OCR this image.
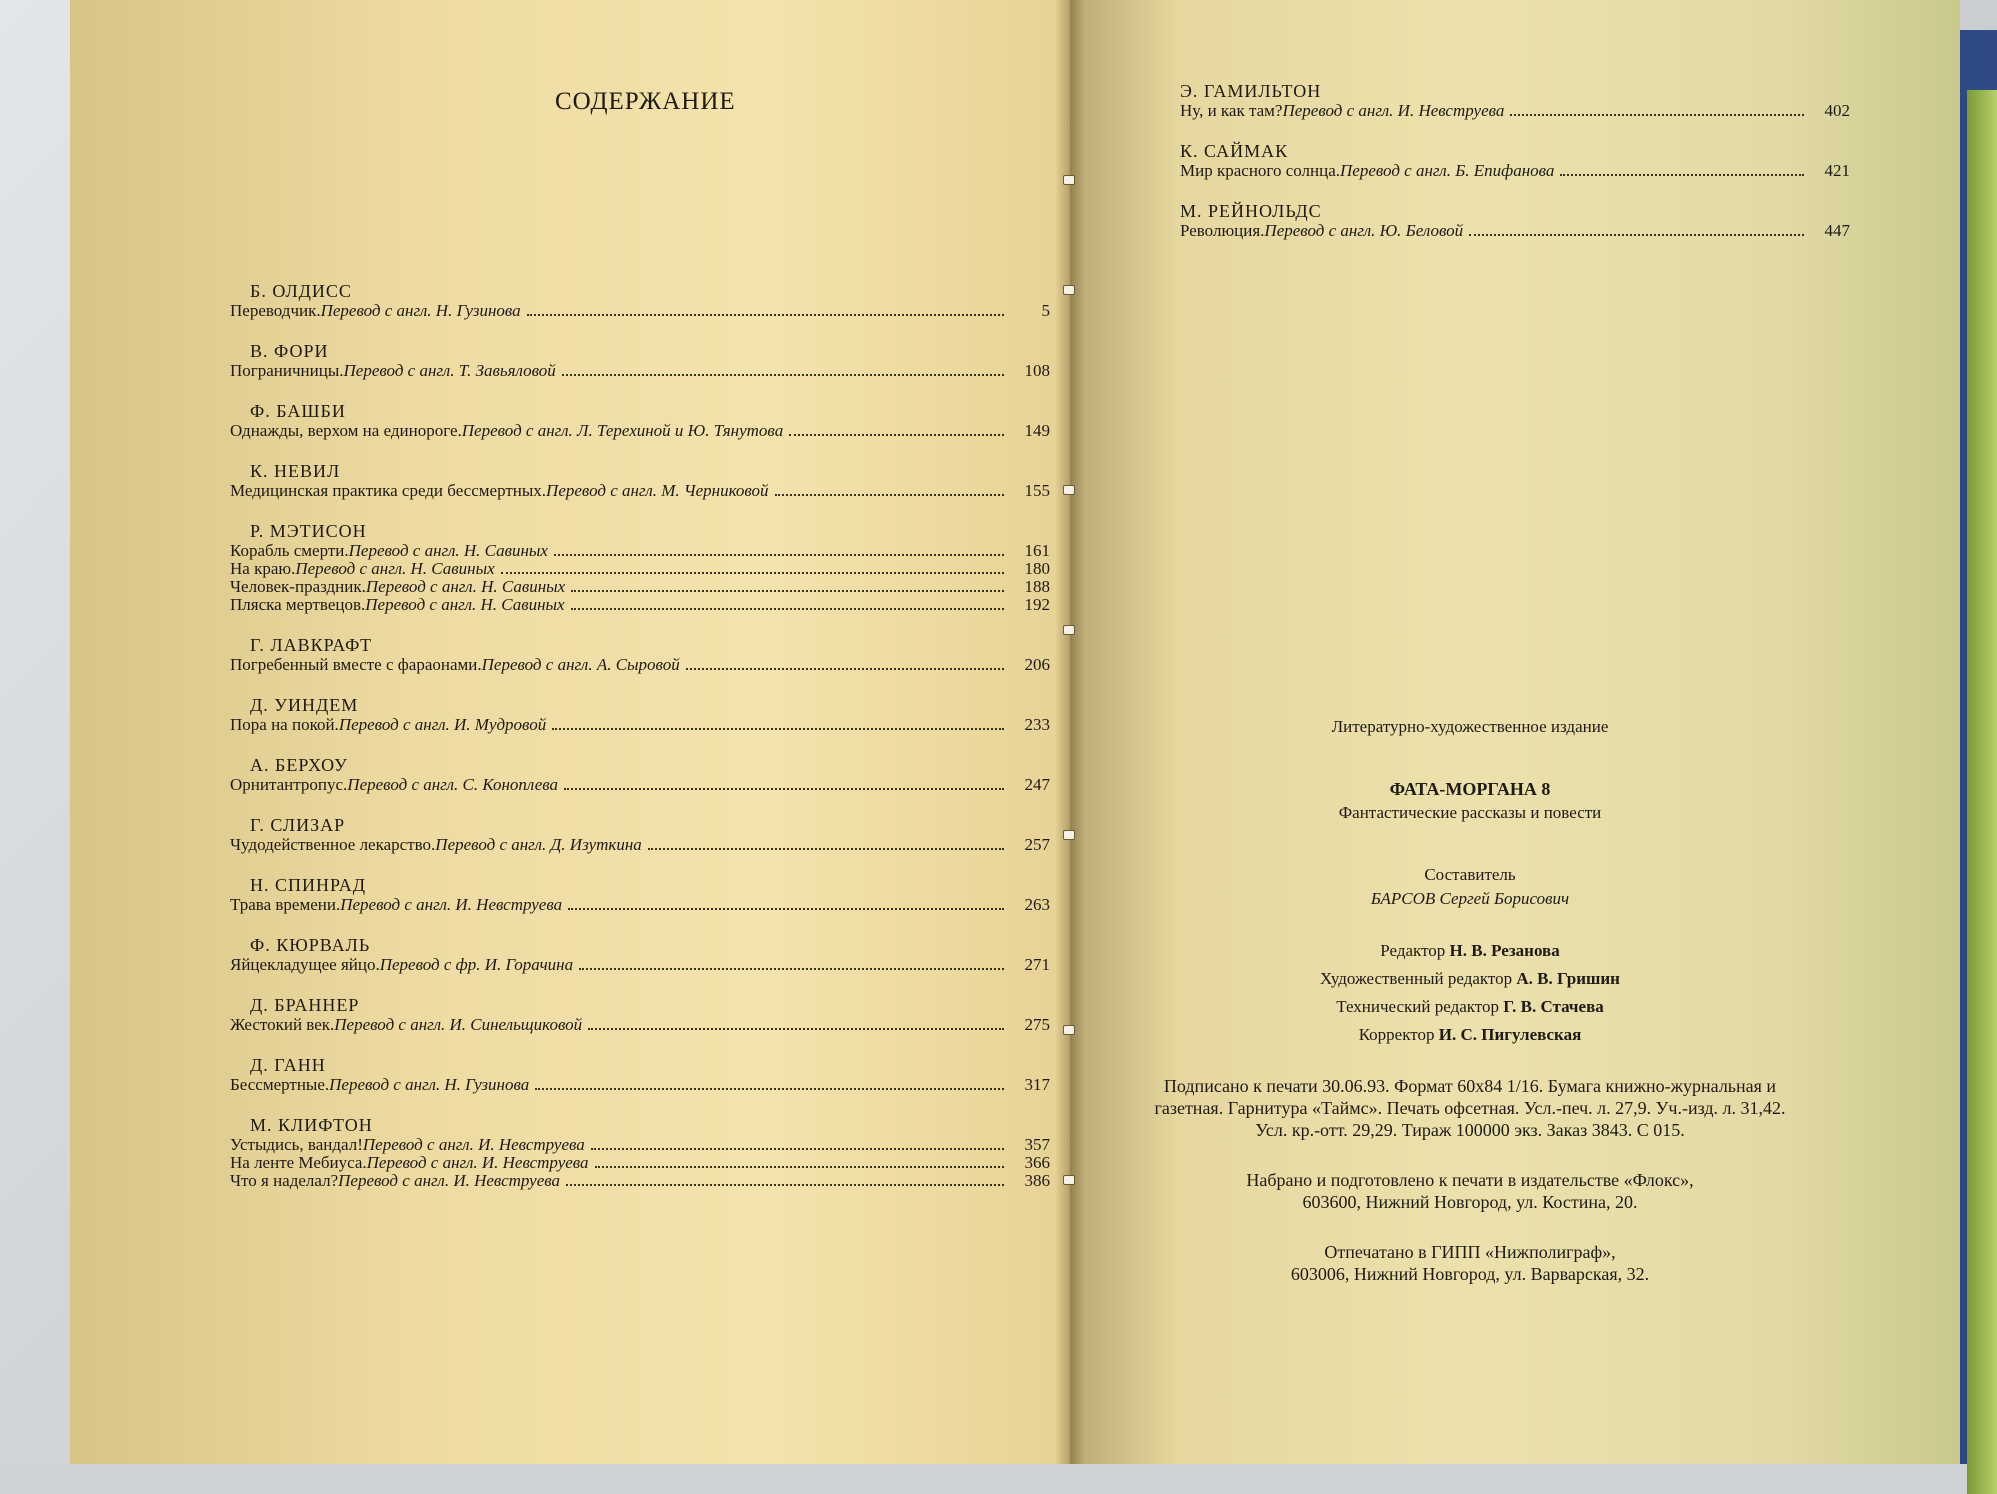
СОДЕРЖАНИЕ
Б. ОЛДИСС
Переводчик. Перевод с англ. Н. Гузинова	5
В. ФОРИ
Пограничницы. Перевод с англ. Т. Завьяловой	108
Ф. БАШБИ
Однажды, верхом на единороге. Перевод с англ. Л. Терехиной и Ю. Тянутова	149
К. НЕВИЛ
Медицинская практика среди бессмертных. Перевод с англ. М. Черниковой	155
Р. МЭТИСОН
Корабль смерти. Перевод с англ. Н. Савиных	161
На краю. Перевод с англ. Н. Савиных	180
Человек-праздник. Перевод с англ. Н. Савиных	188
Пляска мертвецов. Перевод с англ. Н. Савиных	192
Г. ЛАВКРАФТ
Погребенный вместе с фараонами. Перевод с англ. А. Сыровой	206
Д. УИНДЕМ
Пора на покой. Перевод с англ. И. Мудровой	233
А. БЕРХОУ
Орнитантропус. Перевод с англ. С. Коноплева	247
Г. СЛИЗАР
Чудодейственное лекарство. Перевод с англ. Д. Изуткина	257
Н. СПИНРАД
Трава времени. Перевод с англ. И. Невструева	263
Ф. КЮРВАЛЬ
Яйцекладущее яйцо. Перевод с фр. И. Горачина	271
Д. БРАННЕР
Жестокий век. Перевод с англ. И. Синельщиковой	275
Д. ГАНН
Бессмертные. Перевод с англ. Н. Гузинова	317
М. КЛИФТОН
Устыдись, вандал! Перевод с англ. И. Невструева	357
На ленте Мебиуса. Перевод с англ. И. Невструева	366
Что я наделал? Перевод с англ. И. Невструева	386
Э. ГАМИЛЬТОН
Ну, и как там? Перевод с англ. И. Невструева	402
К. САЙМАК
Мир красного солнца. Перевод с англ. Б. Епифанова	421
М. РЕЙНОЛЬДС
Революция. Перевод с англ. Ю. Беловой	447
Литературно-художественное издание
ФАТА-МОРГАНА 8
Фантастические рассказы и повести
Составитель
БАРСОВ Сергей Борисович
Редактор Н. В. Резанова
Художественный редактор А. В. Гришин
Технический редактор Г. В. Стачева
Корректор И. С. Пигулевская
Подписано к печати 30.06.93. Формат 60x84 1/16. Бумага книжно-журнальная и
газетная. Гарнитура «Таймс». Печать офсетная. Усл.-печ. л. 27,9. Уч.-изд. л. 31,42.
Усл. кр.-отт. 29,29. Тираж 100000 экз. Заказ 3843. С 015.
Набрано и подготовлено к печати в издательстве «Флокс»,
603600, Нижний Новгород, ул. Костина, 20.
Отпечатано в ГИПП «Нижполиграф»,
603006, Нижний Новгород, ул. Варварская, 32.
